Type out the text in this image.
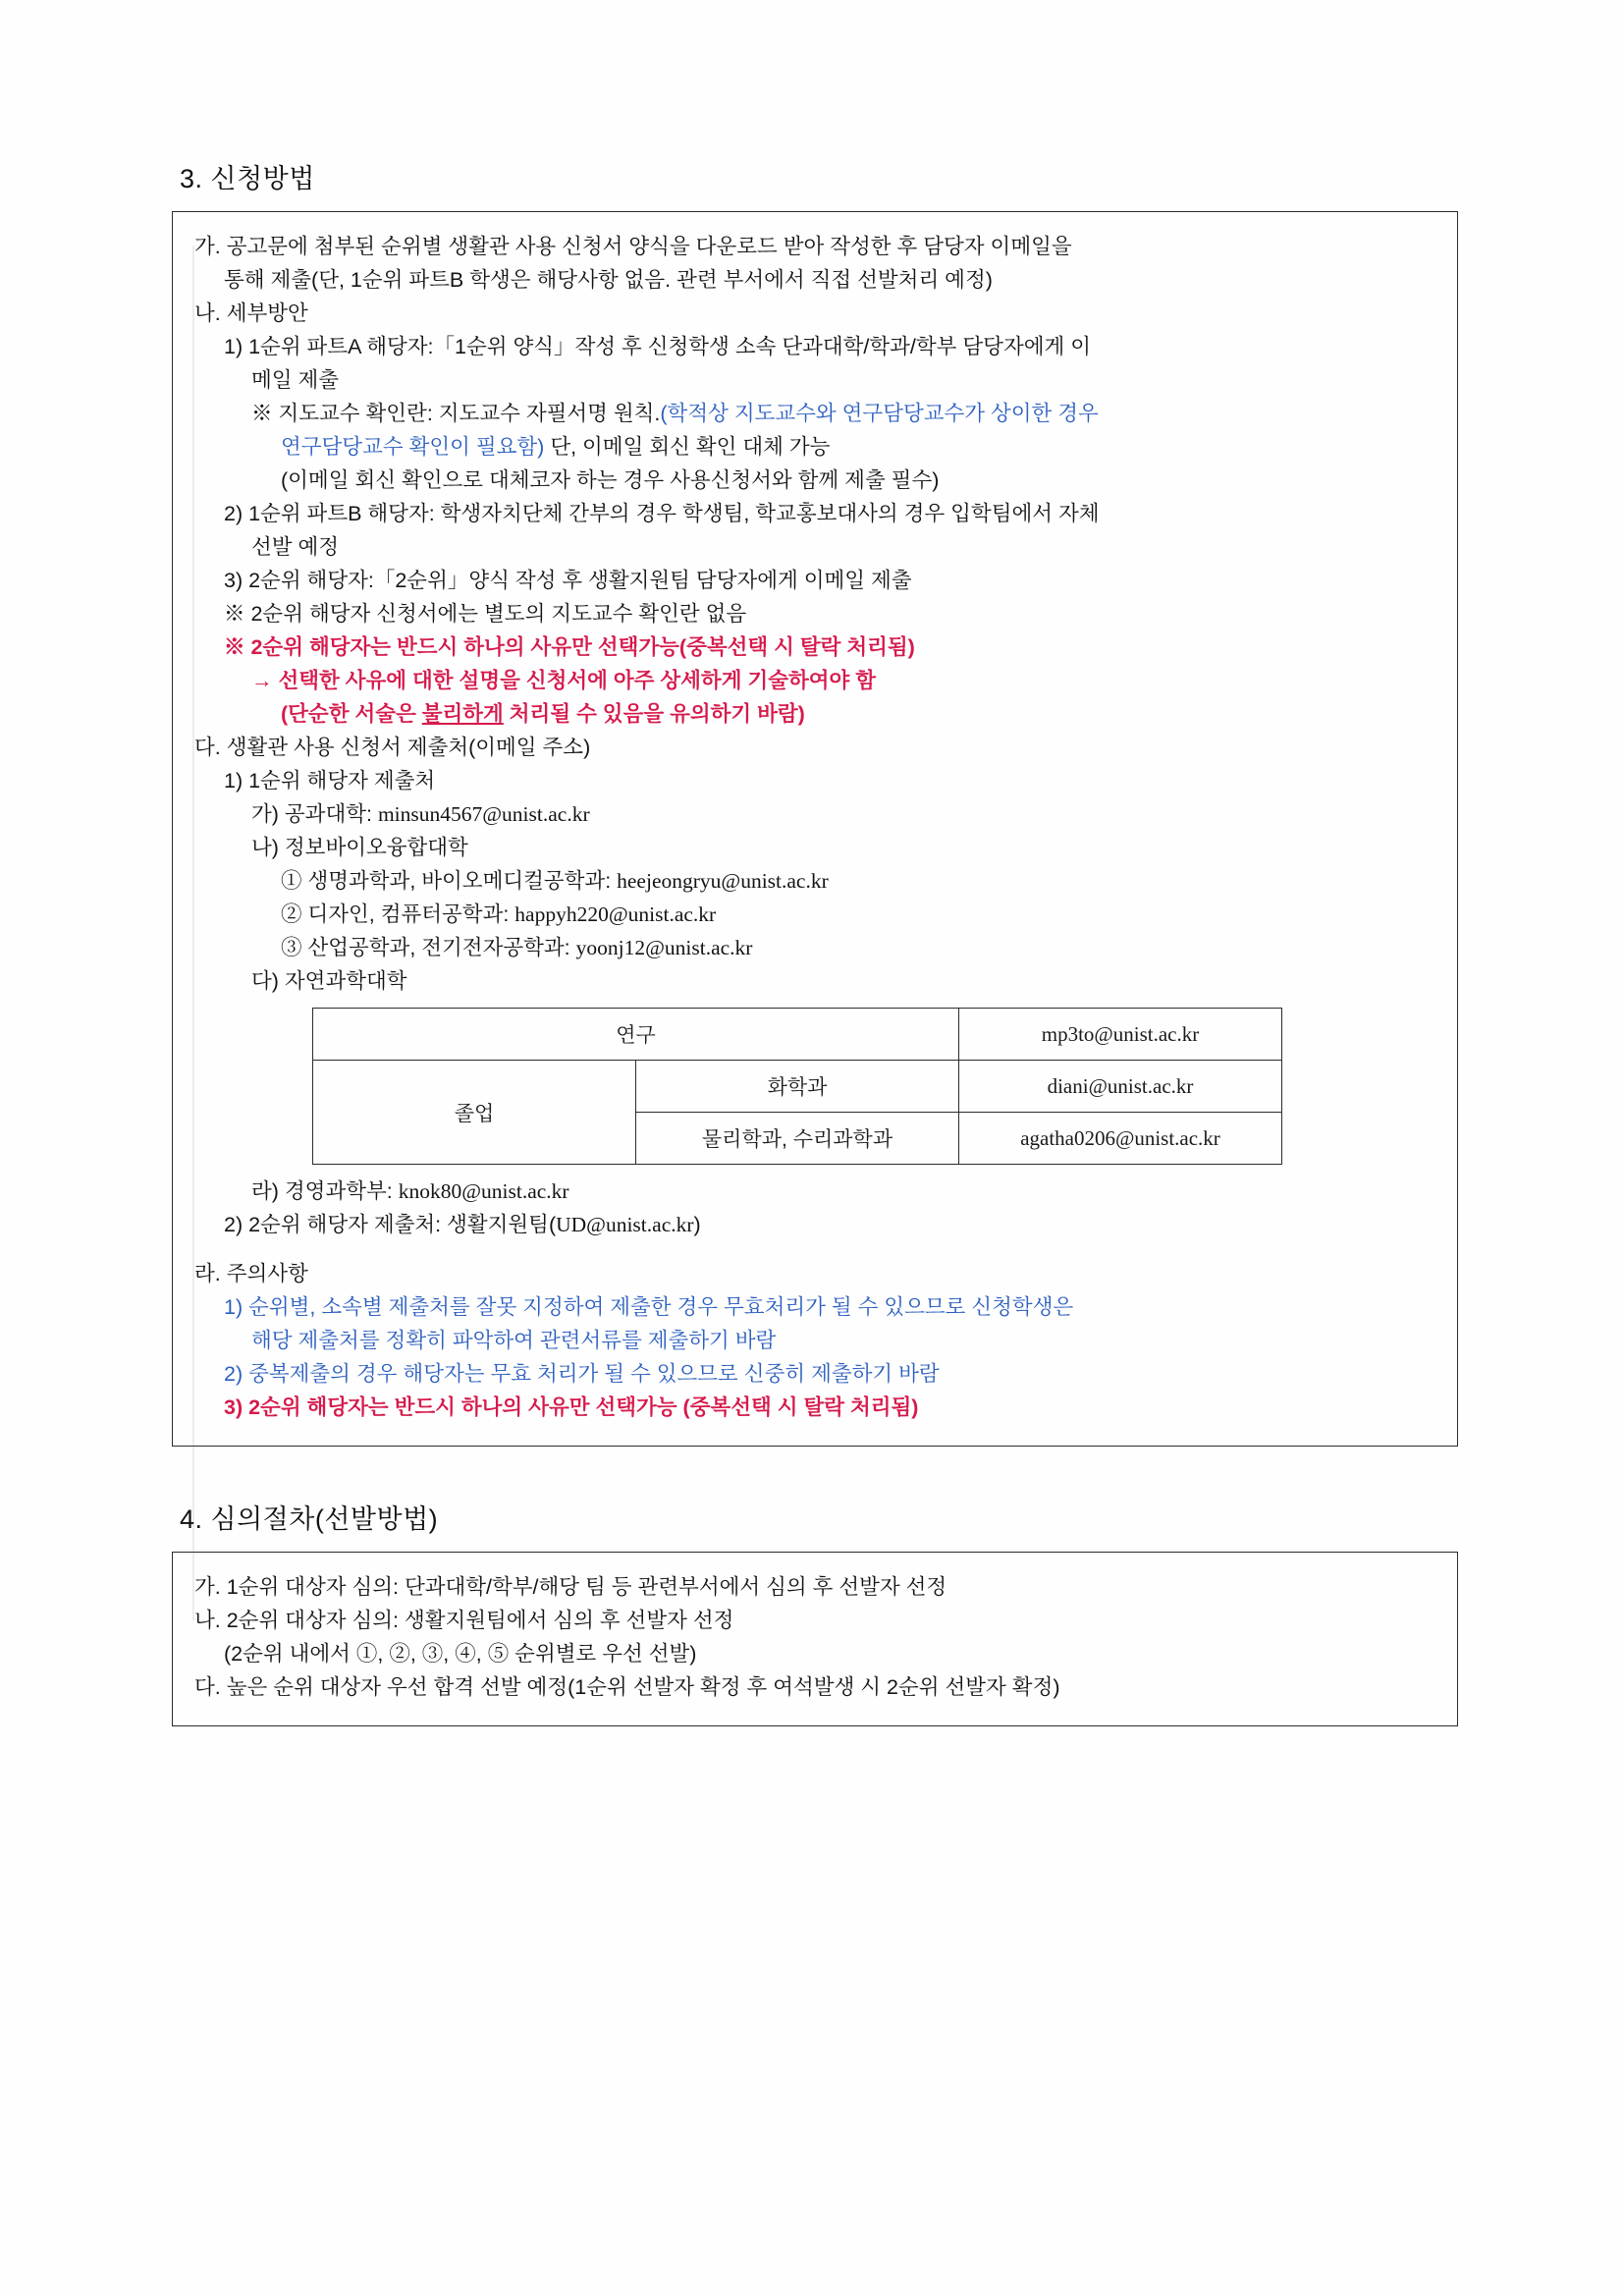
3. 신청방법
가. 공고문에 첨부된 순위별 생활관 사용 신청서 양식을 다운로드 받아 작성한 후 담당자 이메일을
통해 제출(단, 1순위 파트B 학생은 해당사항 없음. 관련 부서에서 직접 선발처리 예정)
나. 세부방안
1) 1순위 파트A 해당자:「1순위 양식」작성 후 신청학생 소속 단과대학/학과/학부 담당자에게 이
메일 제출
※ 지도교수 확인란: 지도교수 자필서명 원칙.(학적상 지도교수와 연구담당교수가 상이한 경우
연구담당교수 확인이 필요함) 단, 이메일 회신 확인 대체 가능
(이메일 회신 확인으로 대체코자 하는 경우 사용신청서와 함께 제출 필수)
2) 1순위 파트B 해당자: 학생자치단체 간부의 경우 학생팀, 학교홍보대사의 경우 입학팀에서 자체
선발 예정
3) 2순위 해당자:「2순위」양식 작성 후 생활지원팀 담당자에게 이메일 제출
※ 2순위 해당자 신청서에는 별도의 지도교수 확인란 없음
※ 2순위 해당자는 반드시 하나의 사유만 선택가능(중복선택 시 탈락 처리됨)
→ 선택한 사유에 대한 설명을 신청서에 아주 상세하게 기술하여야 함
(단순한 서술은 불리하게 처리될 수 있음을 유의하기 바람)
다. 생활관 사용 신청서 제출처(이메일 주소)
1) 1순위 해당자 제출처
가) 공과대학: minsun4567@unist.ac.kr
나) 정보바이오융합대학
① 생명과학과, 바이오메디컬공학과: heejeongryu@unist.ac.kr
② 디자인, 컴퓨터공학과: happyh220@unist.ac.kr
③ 산업공학과, 전기전자공학과: yoonj12@unist.ac.kr
다) 자연과학대학
연구		mp3to@unist.ac.kr
졸업	화학과	diani@unist.ac.kr
	물리학과, 수리과학과	agatha0206@unist.ac.kr
라) 경영과학부: knok80@unist.ac.kr
2) 2순위 해당자 제출처: 생활지원팀(UD@unist.ac.kr)
라. 주의사항
1) 순위별, 소속별 제출처를 잘못 지정하여 제출한 경우 무효처리가 될 수 있으므로 신청학생은
해당 제출처를 정확히 파악하여 관련서류를 제출하기 바람
2) 중복제출의 경우 해당자는 무효 처리가 될 수 있으므로 신중히 제출하기 바람
3) 2순위 해당자는 반드시 하나의 사유만 선택가능 (중복선택 시 탈락 처리됨)
4. 심의절차(선발방법)
가. 1순위 대상자 심의: 단과대학/학부/해당 팀 등 관련부서에서 심의 후 선발자 선정
나. 2순위 대상자 심의: 생활지원팀에서 심의 후 선발자 선정
(2순위 내에서 ①, ②, ③, ④, ⑤ 순위별로 우선 선발)
다. 높은 순위 대상자 우선 합격 선발 예정(1순위 선발자 확정 후 여석발생 시 2순위 선발자 확정)
